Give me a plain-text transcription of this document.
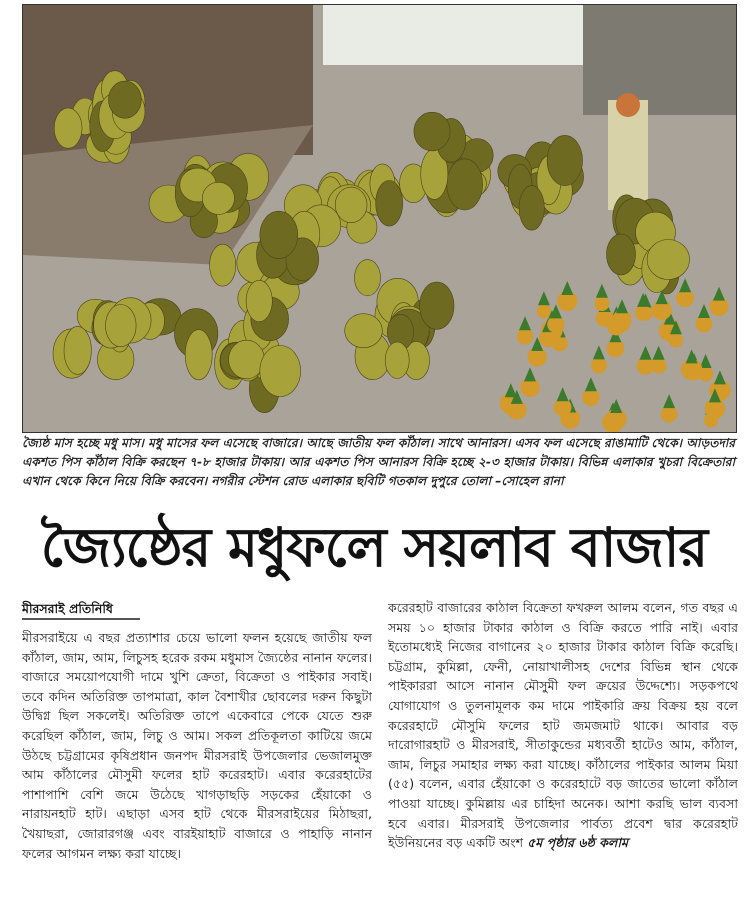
জ্যৈষ্ঠ মাস হচ্ছে মধু মাস। মধু মাসের ফল এসেছে বাজারে। আছে জাতীয় ফল কাঁঠাল। সাথে আনারস। এসব ফল এসেছে রাঙামাটি থেকে। আড়তদার একশত পিস কাঁঠাল বিক্রি করছেন ৭-৮ হাজার টাকায়। আর একশত পিস আনারস বিক্রি হচ্ছে ২-৩ হাজার টাকায়। বিভিন্ন এলাকার খুচরা বিক্রেতারা এখান থেকে কিনে নিয়ে বিক্রি করবেন। নগরীর স্টেশন রোড এলাকার ছবিটি গতকাল দুপুরে তোলা –সোহেল রানা
জ্যৈষ্ঠের মধুফলে সয়লাব বাজার
মীরসরাই প্রতিনিধি

মীরসরাইয়ে এ বছর প্রত্যাশার চেয়ে ভালো ফলন হয়েছে জাতীয় ফল কাঁঠাল, জাম, আম, লিচুসহ হরেক রকম মধুমাস জ্যৈষ্ঠের নানান ফলের। বাজারে সময়োপযোগী দামে খুশি ক্রেতা, বিক্রেতা ও পাইকার সবাই। তবে কদিন অতিরিক্ত তাপমাত্রা, কাল বৈশাখীর ছোবলের দরুন কিছুটা উদ্বিগ্ন ছিল সকলেই। অতিরিক্ত তাপে একেবারে পেকে যেতে শুরু করেছিল কাঁঠাল, জাম, লিচু ও আম। সকল প্রতিকূলতা কাটিয়ে জমে উঠছে চট্টগ্রামের কৃষিপ্রধান জনপদ মীরসরাই উপজেলার ভেজালমুক্ত আম কাঁঠালের মৌসুমী ফলের হাট করেরহাট। এবার করেরহাটের পাশাপাশি বেশি জমে উঠেছে খাগড়াছড়ি সড়কের হেঁয়াকো ও নারায়নহাট হাট। এছাড়া এসব হাট থেকে মীরসরাইয়ের মিঠাছরা, খৈয়াছরা, জোরারগঞ্জ এবং বারইয়াহাট বাজারে ও পাহাড়ি নানান ফলের আগমন লক্ষ্য করা যাচ্ছে।

করেরহাট বাজারের কাঠাল বিক্রেতা ফখরুল আলম বলেন, গত বছর এ সময় ১০ হাজার টাকার কাঠাল ও বিক্রি করতে পারি নাই। এবার ইতোমধ্যেই নিজের বাগানের ২০ হাজার টাকার কাঠাল বিক্রি করেছি। চট্টগ্রাম, কুমিল্লা, ফেনী, নোয়াখালীসহ দেশের বিভিন্ন স্থান থেকে পাইকাররা আসে নানান মৌসুমী ফল ক্রয়ের উদ্দেশ্যে। সড়কপথে যোগাযোগ ও তুলনামূলক কম দামে পাইকারি ক্রয় বিক্রয় হয় বলে করেরহাটে মৌসুমি ফলের হাট জমজমাট থাকে। আবার বড় দারোগারহাট ও মীরসরাই, সীতাকুন্ডের মধ্যবর্তী হাটেও আম, কাঁঠাল, জাম, লিচুর সমাহার লক্ষ্য করা যাচ্ছে। কাঁঠালের পাইকার আলম মিয়া (৫৫) বলেন, এবার হেঁয়াকো ও করেরহাটে বড় জাতের ভালো কাঁঠাল পাওয়া যাচ্ছে। কুমিল্লায় এর চাহিদা অনেক। আশা করছি ভাল ব্যবসা হবে এবার। মীরসরাই উপজেলার পার্বত্য প্রবেশ দ্বার করেরহাট ইউনিয়নের বড় একটি অংশ ৫ম পৃষ্ঠার ৬ষ্ঠ কলাম
